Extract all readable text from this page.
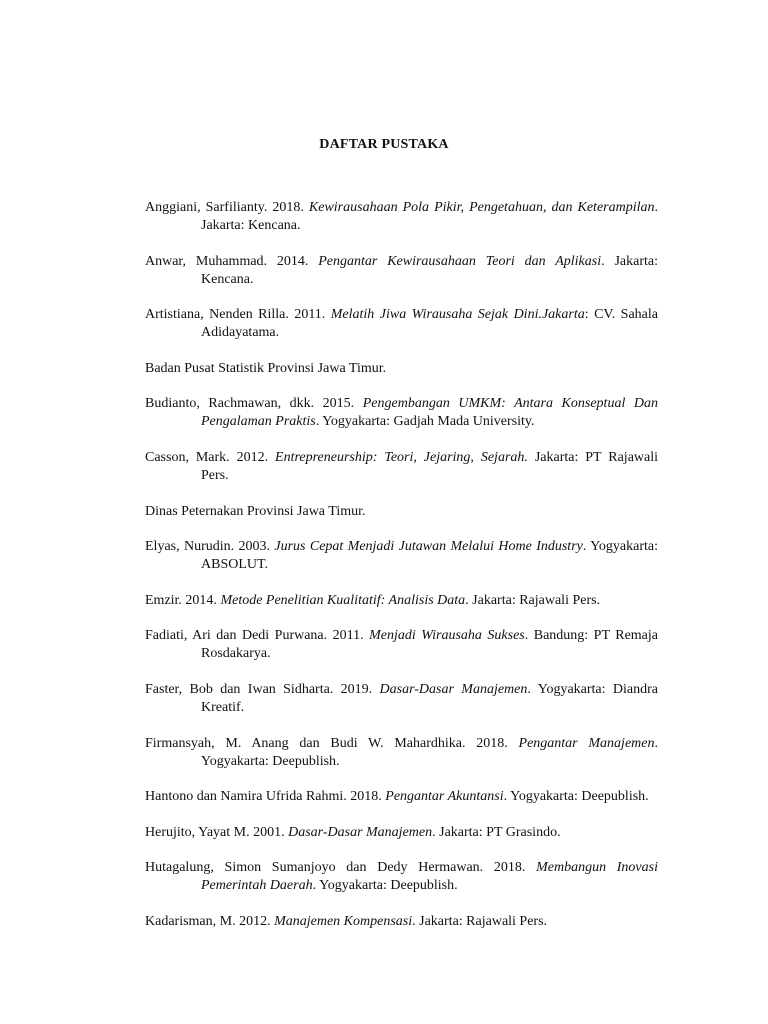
DAFTAR PUSTAKA

Anggiani, Sarfilianty. 2018. Kewirausahaan Pola Pikir, Pengetahuan, dan Keterampilan. Jakarta: Kencana.

Anwar, Muhammad. 2014. Pengantar Kewirausahaan Teori dan Aplikasi. Jakarta: Kencana.

Artistiana, Nenden Rilla. 2011. Melatih Jiwa Wirausaha Sejak Dini.Jakarta: CV. Sahala Adidayatama.

Badan Pusat Statistik Provinsi Jawa Timur.

Budianto, Rachmawan, dkk. 2015. Pengembangan UMKM: Antara Konseptual Dan Pengalaman Praktis. Yogyakarta: Gadjah Mada University.

Casson, Mark. 2012. Entrepreneurship: Teori, Jejaring, Sejarah. Jakarta: PT Rajawali Pers.

Dinas Peternakan Provinsi Jawa Timur.

Elyas, Nurudin. 2003. Jurus Cepat Menjadi Jutawan Melalui Home Industry. Yogyakarta: ABSOLUT.

Emzir. 2014. Metode Penelitian Kualitatif: Analisis Data. Jakarta: Rajawali Pers.

Fadiati, Ari dan Dedi Purwana. 2011. Menjadi Wirausaha Sukses. Bandung: PT Remaja Rosdakarya.

Faster, Bob dan Iwan Sidharta. 2019. Dasar-Dasar Manajemen. Yogyakarta: Diandra Kreatif.

Firmansyah, M. Anang dan Budi W. Mahardhika. 2018. Pengantar Manajemen. Yogyakarta: Deepublish.

Hantono dan Namira Ufrida Rahmi. 2018. Pengantar Akuntansi. Yogyakarta: Deepublish.

Herujito, Yayat M. 2001. Dasar-Dasar Manajemen. Jakarta: PT Grasindo.

Hutagalung, Simon Sumanjoyo dan Dedy Hermawan. 2018. Membangun Inovasi Pemerintah Daerah. Yogyakarta: Deepublish.

Kadarisman, M. 2012. Manajemen Kompensasi. Jakarta: Rajawali Pers.
